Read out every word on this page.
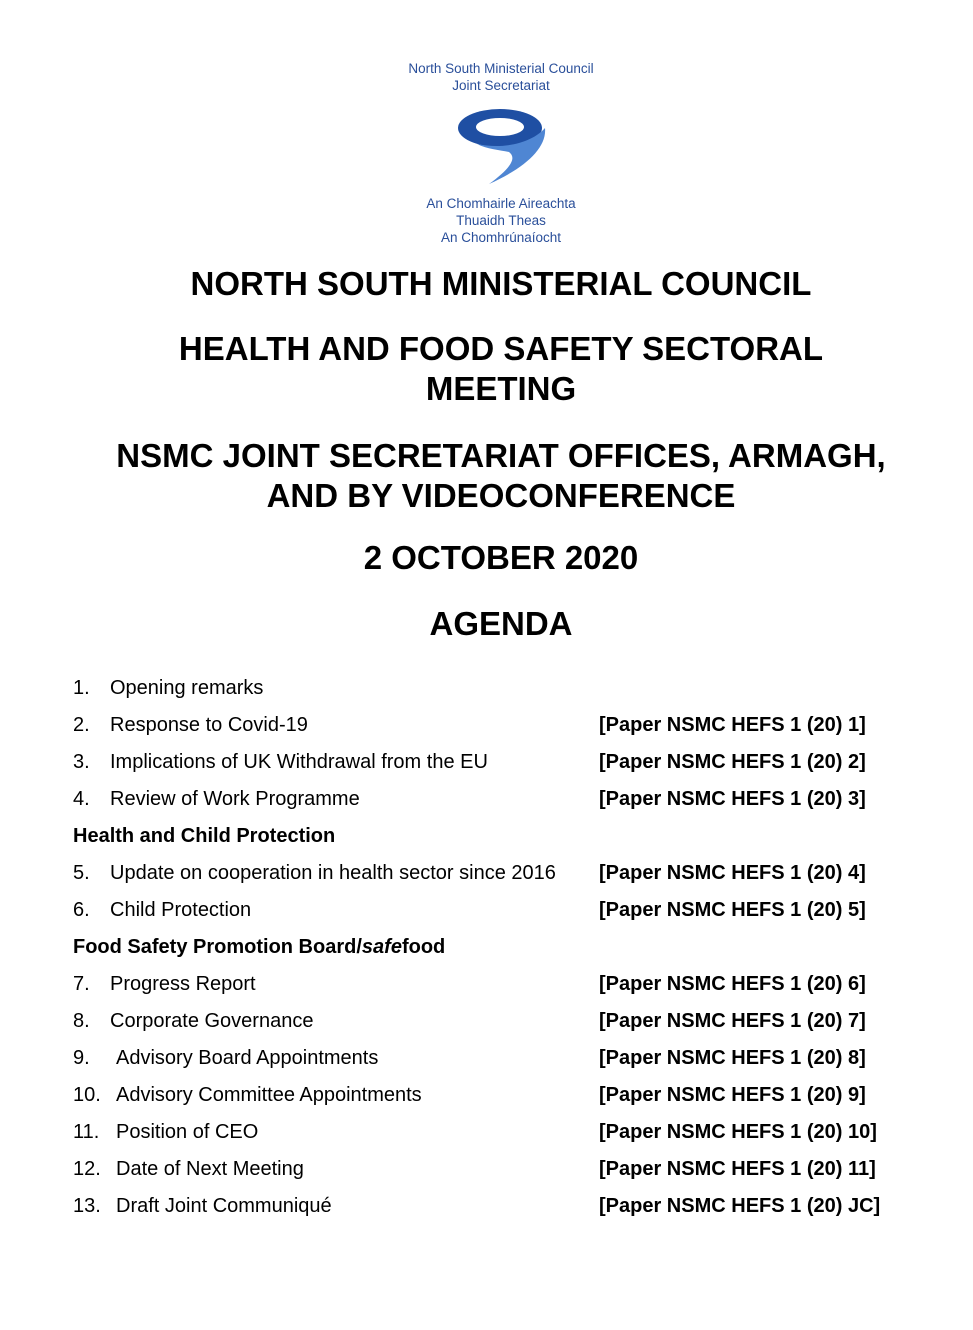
North South Ministerial Council
Joint Secretariat
An Chomhairle Aireachta
Thuaidh Theas
An Chomhrúnaíocht
NORTH SOUTH MINISTERIAL COUNCIL
HEALTH AND FOOD SAFETY SECTORAL
MEETING
NSMC JOINT SECRETARIAT OFFICES, ARMAGH,
AND BY VIDEOCONFERENCE
2 OCTOBER 2020
AGENDA
1. Opening remarks
2. Response to Covid-19	[Paper NSMC HEFS 1 (20) 1]
3. Implications of UK Withdrawal from the EU	[Paper NSMC HEFS 1 (20) 2]
4. Review of Work Programme	[Paper NSMC HEFS 1 (20) 3]
Health and Child Protection
5. Update on cooperation in health sector since 2016 [Paper NSMC HEFS 1 (20) 4]
6. Child Protection	[Paper NSMC HEFS 1 (20) 5]
Food Safety Promotion Board/safefood
7. Progress Report	[Paper NSMC HEFS 1 (20) 6]
8. Corporate Governance	[Paper NSMC HEFS 1 (20) 7]
9. Advisory Board Appointments	[Paper NSMC HEFS 1 (20) 8]
10. Advisory Committee Appointments	[Paper NSMC HEFS 1 (20) 9]
11. Position of CEO	[Paper NSMC HEFS 1 (20) 10]
12. Date of Next Meeting	[Paper NSMC HEFS 1 (20) 11]
13. Draft Joint Communiqué	[Paper NSMC HEFS 1 (20) JC]
